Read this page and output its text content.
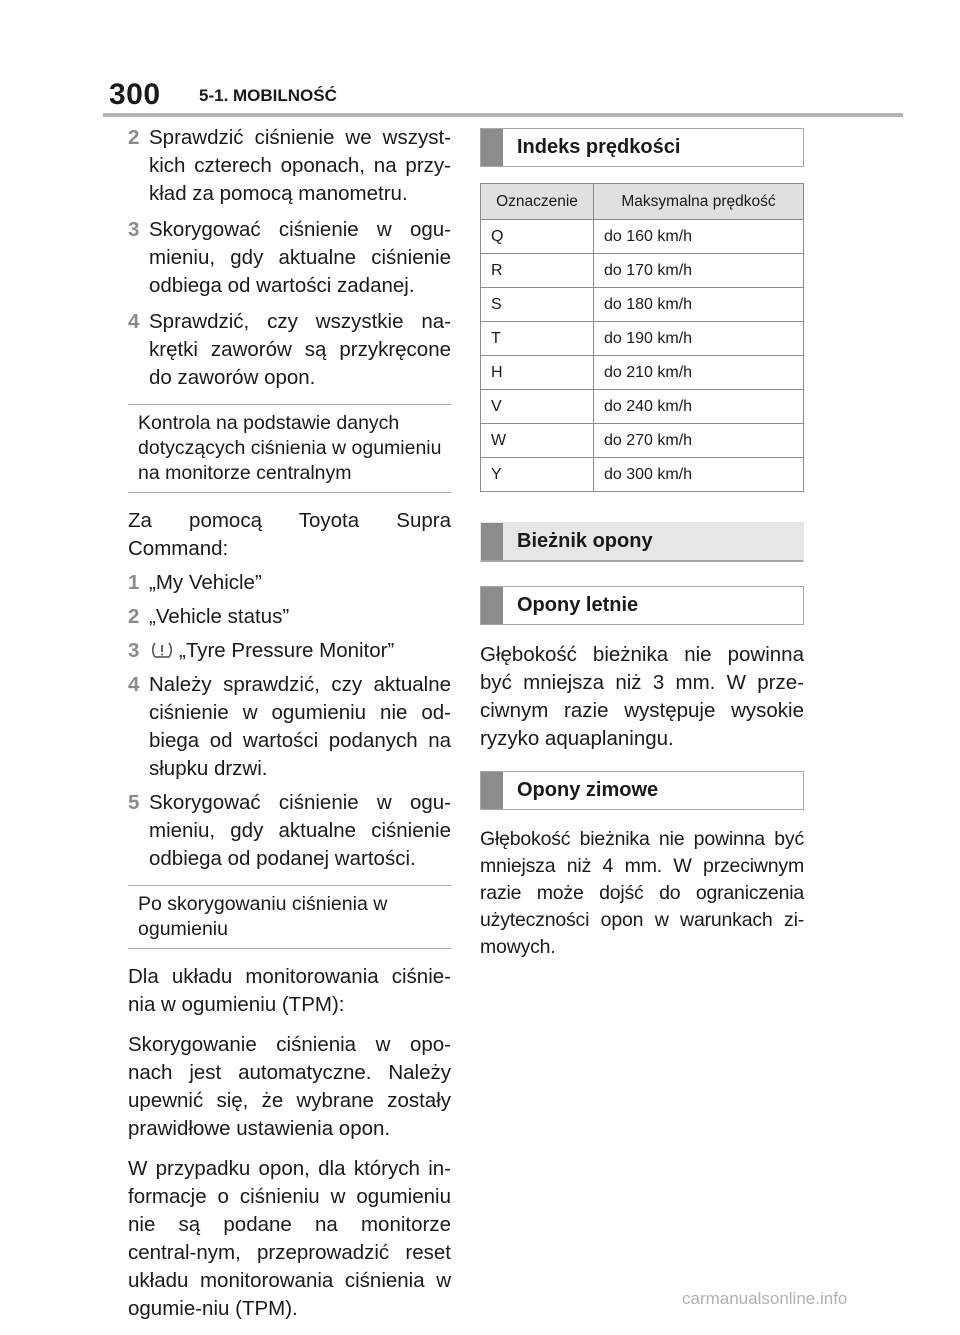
300 5-1. MOBILNOŚĆ
2 Sprawdzić ciśnienie we wszyst-kich czterech oponach, na przy-kład za pomocą manometru.
3 Skorygować ciśnienie w ogu-mieniu, gdy aktualne ciśnienie odbiega od wartości zadanej.
4 Sprawdzić, czy wszystkie na-krętki zaworów są przykręcone do zaworów opon.
Kontrola na podstawie danych dotyczących ciśnienia w ogumieniu na monitorze centralnym

Za pomocą Toyota Supra Command:

1 „My Vehicle”
2 „Vehicle status”
3	„Tyre Pressure Monitor”
4 Należy sprawdzić, czy aktualne ciśnienie w ogumieniu nie od-biega od wartości podanych na słupku drzwi.
5 Skorygować ciśnienie w ogu-mieniu, gdy aktualne ciśnienie odbiega od podanej wartości.
Po skorygowaniu ciśnienia w ogumieniu

Dla układu monitorowania ciśnie-nia w ogumieniu (TPM):

Skorygowanie ciśnienia w opo-nach jest automatyczne. Należy upewnić się, że wybrane zostały prawidłowe ustawienia opon.

W przypadku opon, dla których in-formacje o ciśnieniu w ogumieniu nie są podane na monitorze central-nym, przeprowadzić reset układu monitorowania ciśnienia w ogumie-niu (TPM).

Indeks prędkości
Oznaczenie	Maksymalna prędkość
Q	do 160 km/h
R	do 170 km/h
S	do 180 km/h
T	do 190 km/h
H	do 210 km/h
V	do 240 km/h
W	do 270 km/h
Y	do 300 km/h
Bieżnik opony
Opony letnie

Głębokość bieżnika nie powinna być mniejsza niż 3 mm. W prze-ciwnym razie występuje wysokie ryzyko aquaplaningu.

Opony zimowe

Głębokość bieżnika nie powinna być mniejsza niż 4 mm. W przeciwnym razie może dojść do ograniczenia użyteczności opon w warunkach zi-mowych.

carmanualsonline.info
